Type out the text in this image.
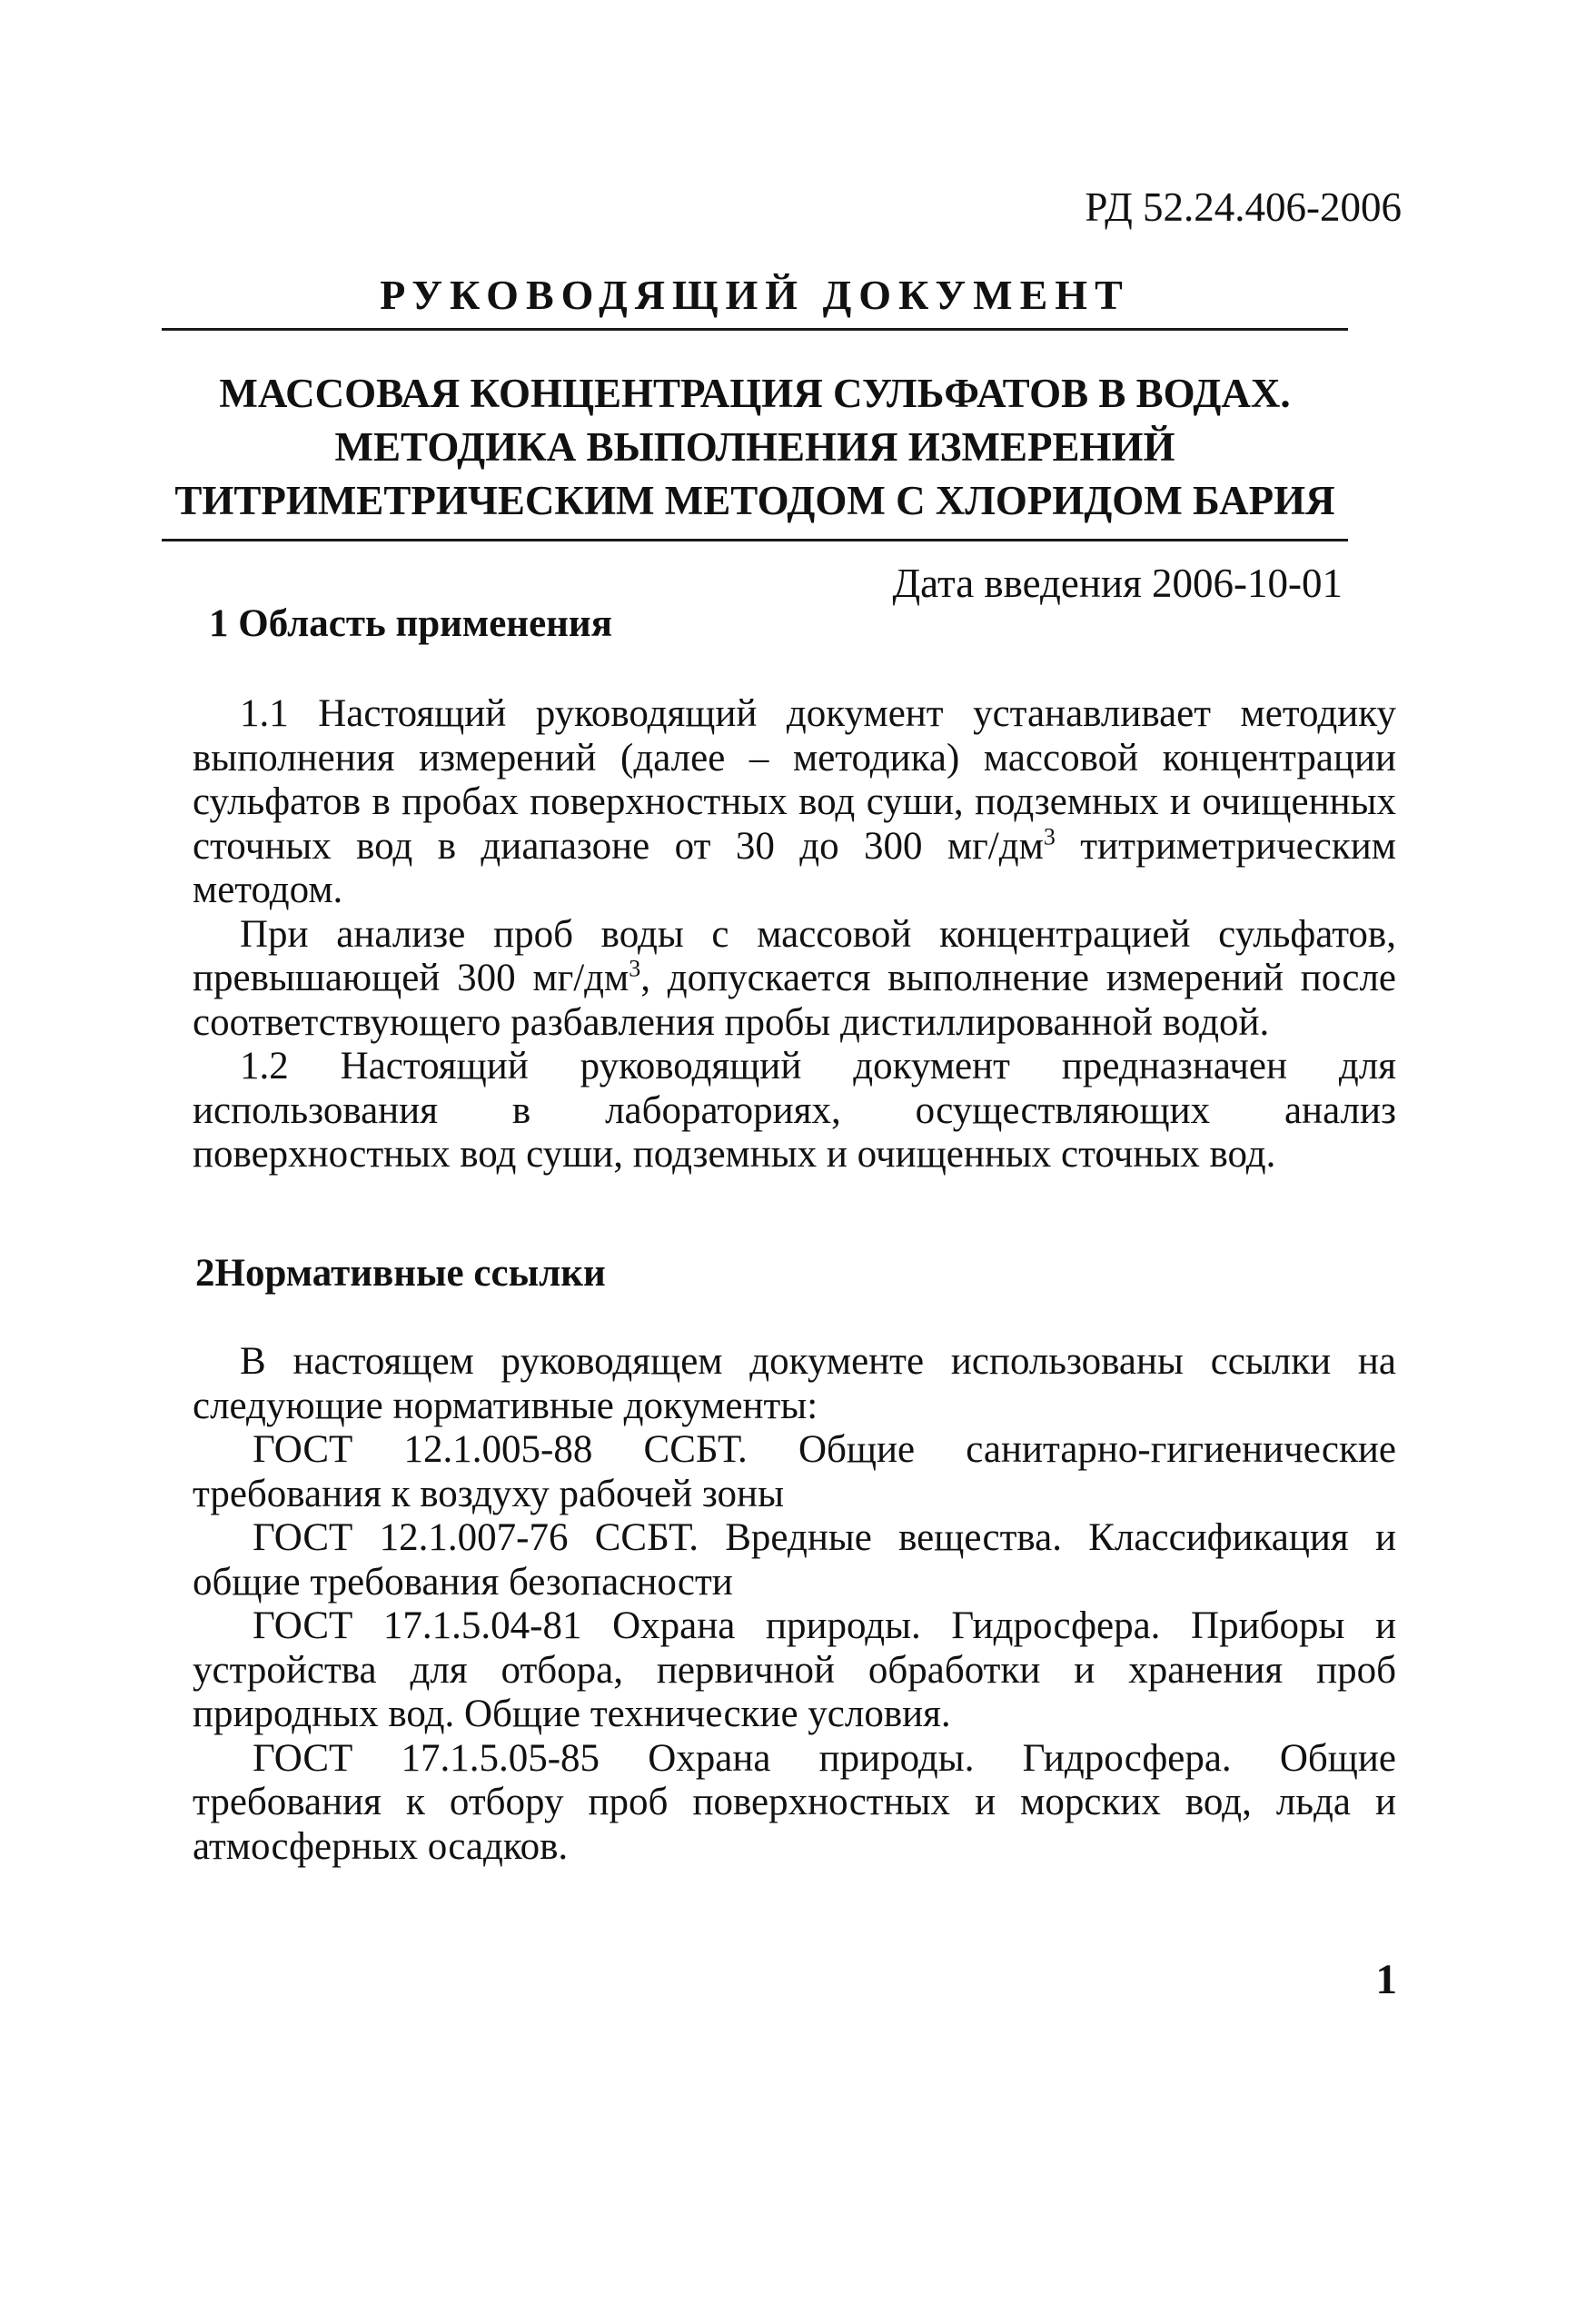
РД 52.24.406-2006
РУКОВОДЯЩИЙ ДОКУМЕНТ
МАССОВАЯ КОНЦЕНТРАЦИЯ СУЛЬФАТОВ В ВОДАХ.
МЕТОДИКА ВЫПОЛНЕНИЯ ИЗМЕРЕНИЙ
ТИТРИМЕТРИЧЕСКИМ МЕТОДОМ С ХЛОРИДОМ БАРИЯ
Дата введения 2006-10-01
1 Область применения

1.1 Настоящий руководящий документ устанавливает методику выполнения измерений (далее – методика) массовой концентрации сульфатов в пробах поверхностных вод суши, подземных и очищенных сточных вод в диапазоне от 30 до 300 $мг/дм^3$ титриметрическим методом.

При анализе проб воды с массовой концентрацией сульфатов, превышающей 300 $мг/дм^3$, допускается выполнение измерений после соответствующего разбавления пробы дистиллированной водой.

1.2 Настоящий руководящий документ предназначен для использования в лабораториях, осуществляющих анализ поверхностных вод суши, подземных и очищенных сточных вод.

2Нормативные ссылки

В настоящем руководящем документе использованы ссылки на следующие нормативные документы:

ГОСТ 12.1.005-88 ССБТ. Общие санитарно-гигиенические требования к воздуху рабочей зоны

ГОСТ 12.1.007-76 ССБТ. Вредные вещества. Классификация и общие требования безопасности

ГОСТ 17.1.5.04-81 Охрана природы. Гидросфера. Приборы и устройства для отбора, первичной обработки и хранения проб природных вод. Общие технические условия.

ГОСТ 17.1.5.05-85 Охрана природы. Гидросфера. Общие требования к отбору проб поверхностных и морских вод, льда и атмосферных осадков.

1
